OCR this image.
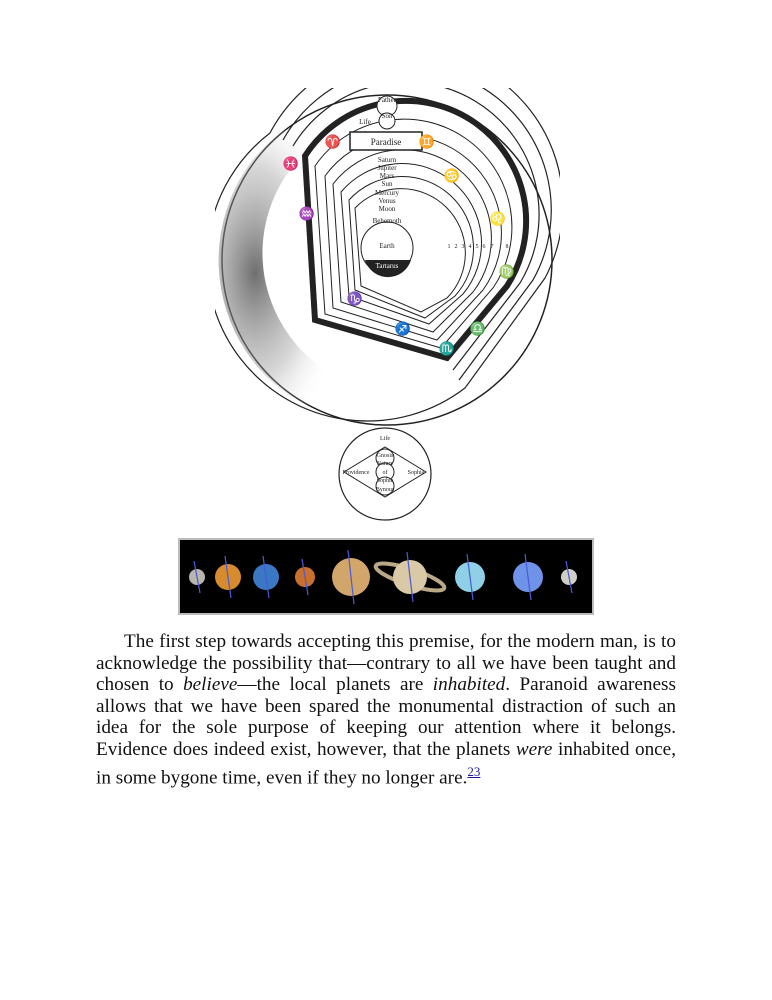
Father
Son
Life
Paradise
Saturn
Jupiter
Mars
Sun
Mercury
Venus
Moon
Behemoth
Earth
Tartarus
1 2 3 4 5 6 7 8
♈
♓
♊
♋
♌
♍
♎
♏
♐
♒
♑
Life
Providence	Sophia
Gnosis
Nature
of
Sophia
Bynous

The first step towards accepting this premise, for the modern man, is to acknowledge the possibility that—contrary to all we have been taught and chosen to believe—the local planets are inhabited. Paranoid awareness allows that we have been spared the monumental distraction of such an idea for the sole purpose of keeping our attention where it belongs. Evidence does indeed exist, however, that the planets were inhabited once, in some bygone time, even if they no longer are.$^{23}$
